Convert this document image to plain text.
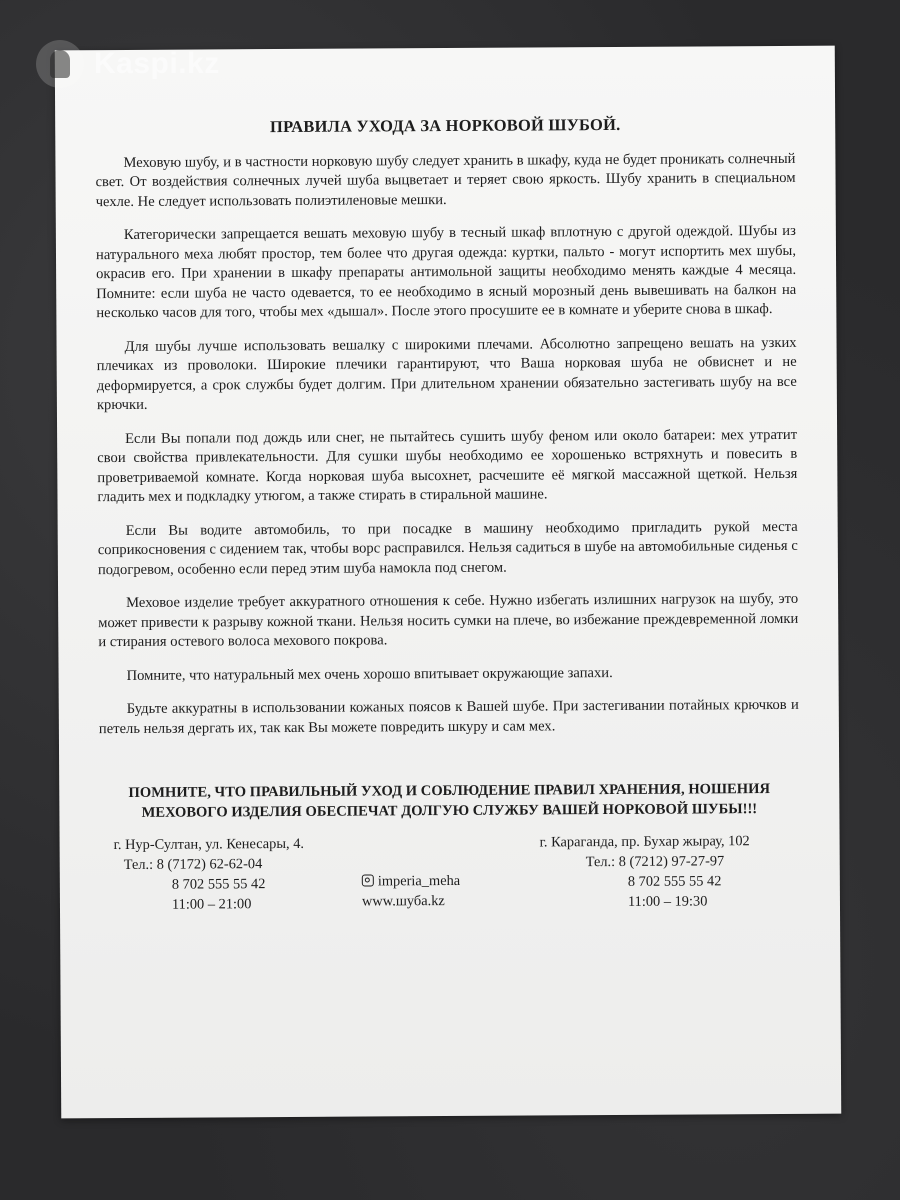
Kaspi.kz
ПРАВИЛА УХОДА ЗА НОРКОВОЙ ШУБОЙ.

Меховую шубу, и в частности норковую шубу следует хранить в шкафу, куда не будет проникать солнечный свет. От воздействия солнечных лучей шуба выцветает и теряет свою яркость. Шубу хранить в специальном чехле. Не следует использовать полиэтиленовые мешки.

Категорически запрещается вешать меховую шубу в тесный шкаф вплотную с другой одеждой. Шубы из натурального меха любят простор, тем более что другая одежда: куртки, пальто - могут испортить мех шубы, окрасив его. При хранении в шкафу препараты антимольной защиты необходимо менять каждые 4 месяца. Помните: если шуба не часто одевается, то ее необходимо в ясный морозный день вывешивать на балкон на несколько часов для того, чтобы мех «дышал». После этого просушите ее в комнате и уберите снова в шкаф.

Для шубы лучше использовать вешалку с широкими плечами. Абсолютно запрещено вешать на узких плечиках из проволоки. Широкие плечики гарантируют, что Ваша норковая шуба не обвиснет и не деформируется, а срок службы будет долгим. При длительном хранении обязательно застегивать шубу на все крючки.

Если Вы попали под дождь или снег, не пытайтесь сушить шубу феном или около батареи: мех утратит свои свойства привлекательности. Для сушки шубы необходимо ее хорошенько встряхнуть и повесить в проветриваемой комнате. Когда норковая шуба высохнет, расчешите её мягкой массажной щеткой. Нельзя гладить мех и подкладку утюгом, а также стирать в стиральной машине.

Если Вы водите автомобиль, то при посадке в машину необходимо пригладить рукой места соприкосновения с сидением так, чтобы ворс расправился. Нельзя садиться в шубе на автомобильные сиденья с подогревом, особенно если перед этим шуба намокла под снегом.

Меховое изделие требует аккуратного отношения к себе. Нужно избегать излишних нагрузок на шубу, это может привести к разрыву кожной ткани. Нельзя носить сумки на плече, во избежание преждевременной ломки и стирания остевого волоса мехового покрова.

Помните, что натуральный мех очень хорошо впитывает окружающие запахи.

Будьте аккуратны в использовании кожаных поясов к Вашей шубе. При застегивании потайных крючков и петель нельзя дергать их, так как Вы можете повредить шкуру и сам мех.

ПОМНИТЕ, ЧТО ПРАВИЛЬНЫЙ УХОД И СОБЛЮДЕНИЕ ПРАВИЛ ХРАНЕНИЯ, НОШЕНИЯ МЕХОВОГО ИЗДЕЛИЯ ОБЕСПЕЧАТ ДОЛГУЮ СЛУЖБУ ВАШЕЙ НОРКОВОЙ ШУБЫ!!!
г. Нур-Султан, ул. Кенесары, 4.
Тел.: 8 (7172) 62-62-04
8 702 555 55 42
11:00 – 21:00
imperia_meha
www.шуба.kz
г. Караганда, пр. Бухар жырау, 102
Тел.: 8 (7212) 97-27-97
8 702 555 55 42
11:00 – 19:30
